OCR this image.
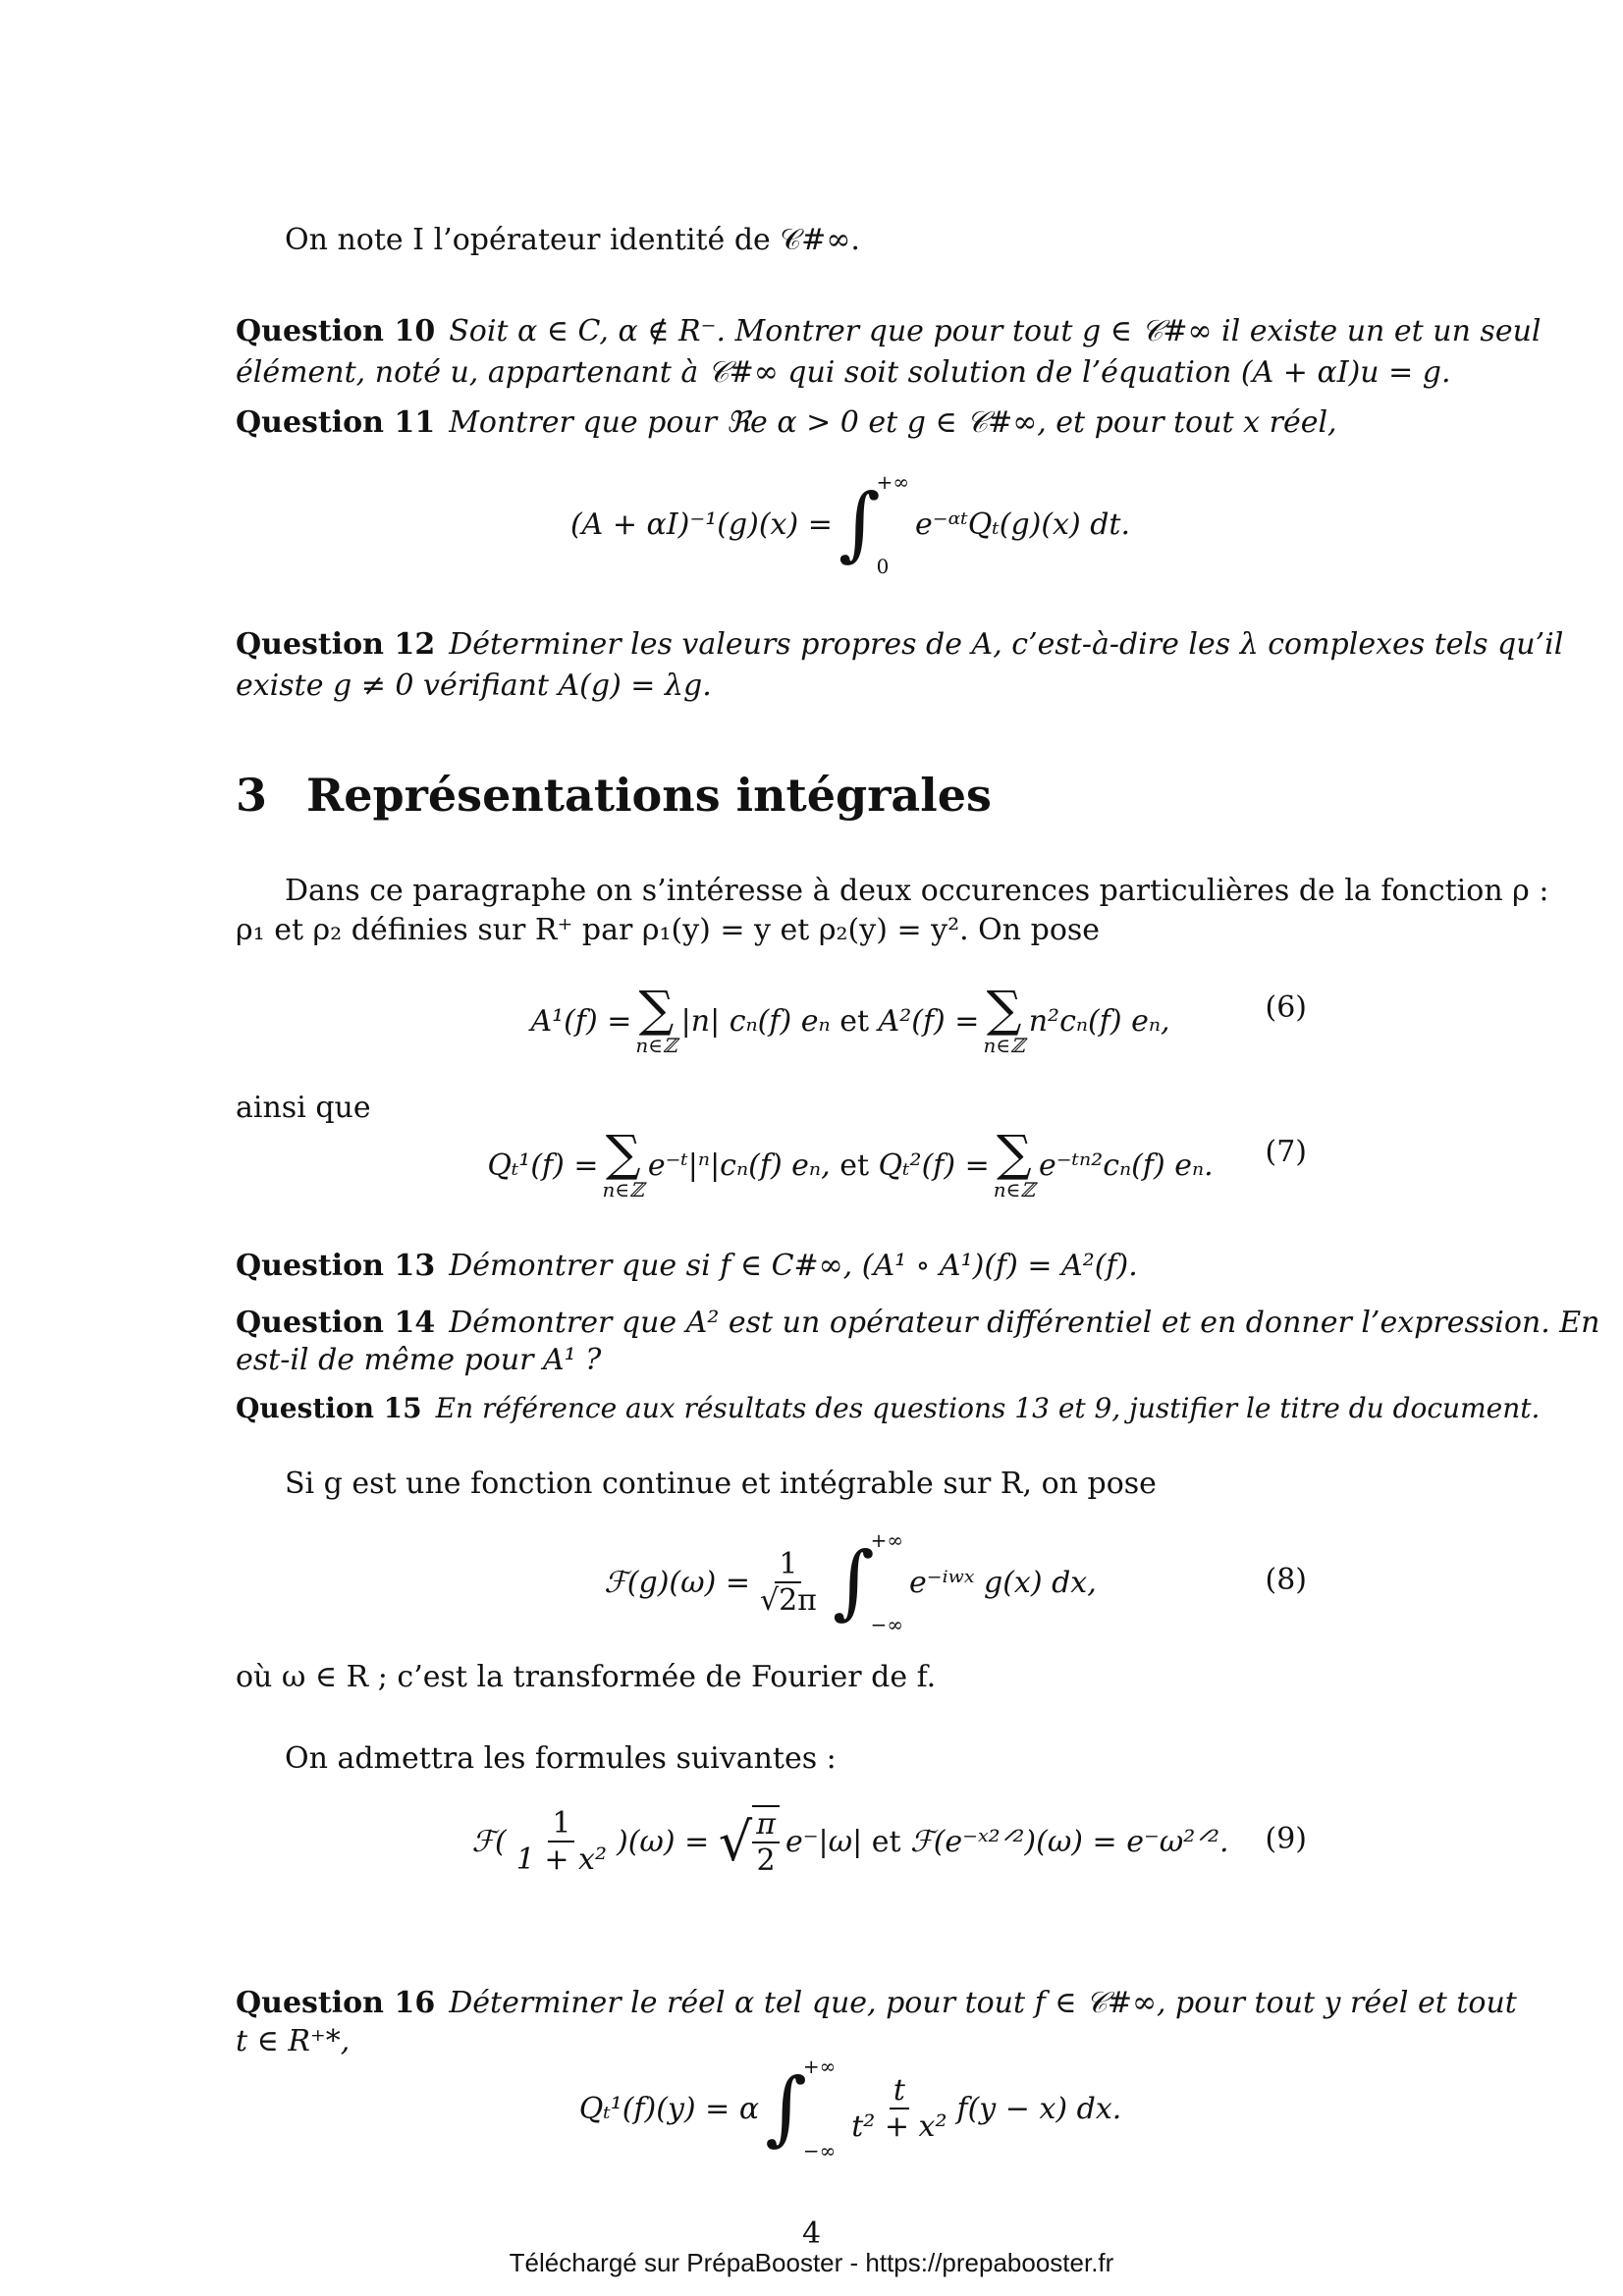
On note I l’opérateur identité de 𝒞#∞.
Question 10 Soit α ∈ C, α ∉ R⁻. Montrer que pour tout g ∈ 𝒞#∞ il existe un et un seul
élément, noté u, appartenant à 𝒞#∞ qui soit solution de l’équation (A + αI)u = g.
Question 11 Montrer que pour ℜe α > 0 et g ∈ 𝒞#∞, et pour tout x réel,
(A + αI)⁻¹(g)(x) = ∫
+∞
0
e⁻ᵅᵗQₜ(g)(x) dt.
Question 12 Déterminer les valeurs propres de A, c’est-à-dire les λ complexes tels qu’il
existe g ≠ 0 vérifiant A(g) = λg.
3 Représentations intégrales
Dans ce paragraphe on s’intéresse à deux occurences particulières de la fonction ρ :
ρ₁ et ρ₂ définies sur R⁺ par ρ₁(y) = y et ρ₂(y) = y². On pose
A¹(f) = ∑
n∈ℤ
|n| cₙ(f) eₙ
et
A²(f) = ∑
n∈ℤ
n²cₙ(f) eₙ,	(6)
ainsi que
Qₜ¹(f) = ∑
n∈ℤ
e⁻ᵗ|ⁿ|cₙ(f) eₙ,
et
Qₜ²(f) = ∑
n∈ℤ
e⁻ᵗⁿ²cₙ(f) eₙ. (7)
Question 13 Démontrer que si f ∈ C#∞, (A¹ ∘ A¹)(f) = A²(f).
Question 14 Démontrer que A² est un opérateur différentiel et en donner l’expression. En
est-il de même pour A¹ ?
Question 15 En référence aux résultats des questions 13 et 9, justifier le titre du document.
Si g est une fonction continue et intégrable sur R, on pose
ℱ(g)(ω) = $\frac{1}{√2\pi}$ ∫
+∞
−∞
e⁻ⁱʷˣ g(x) dx,	(8)
où ω ∈ R ; c’est la transformée de Fourier de f.
On admettra les formules suivantes :
ℱ( $\frac{1}{\text{1 + x²}} )(\omega)$ =
√ $\frac{\pi}{2} e^-|\omega|$
et
ℱ(e⁻ˣ²ᐟ²)(ω) = e⁻ω²ᐟ². (9)
Question 16 Déterminer le réel α tel que, pour tout f ∈ 𝒞#∞, pour tout y réel et tout
t ∈ R⁺*,
Qₜ¹(f)(y) = α ∫
+∞
−∞
$\frac{t}{\text{t² + x²}} f(y - x)$ dx.
4
Téléchargé sur PrépaBooster - https://prepabooster.fr
